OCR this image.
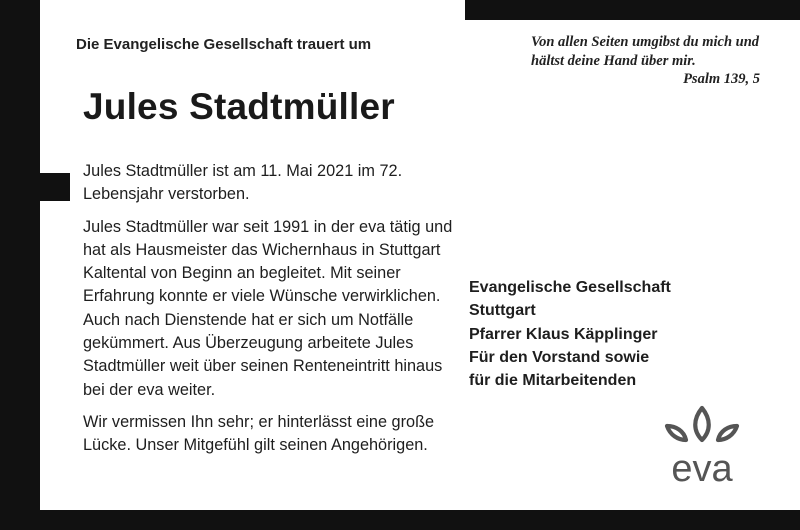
Die Evangelische Gesellschaft trauert um
Jules Stadtmüller

Jules Stadtmüller ist am 11. Mai 2021 im 72. Lebensjahr verstorben.

Jules Stadtmüller war seit 1991 in der eva tätig und hat als Hausmeister das Wichernhaus in Stuttgart Kaltental von Beginn an begleitet. Mit seiner Erfahrung konnte er viele Wünsche verwirklichen. Auch nach Dienstende hat er sich um Notfälle gekümmert. Aus Überzeugung arbeitete Jules Stadtmüller weit über seinen Renteneintritt hinaus bei der eva weiter.

Wir vermissen Ihn sehr; er hinterlässt eine große Lücke. Unser Mitgefühl gilt seinen Angehörigen.

Von allen Seiten umgibst du mich und
hältst deine Hand über mir.
Psalm 139, 5
Evangelische Gesellschaft
Stuttgart
Pfarrer Klaus Käpplinger
Für den Vorstand sowie
für die Mitarbeitenden
eva
